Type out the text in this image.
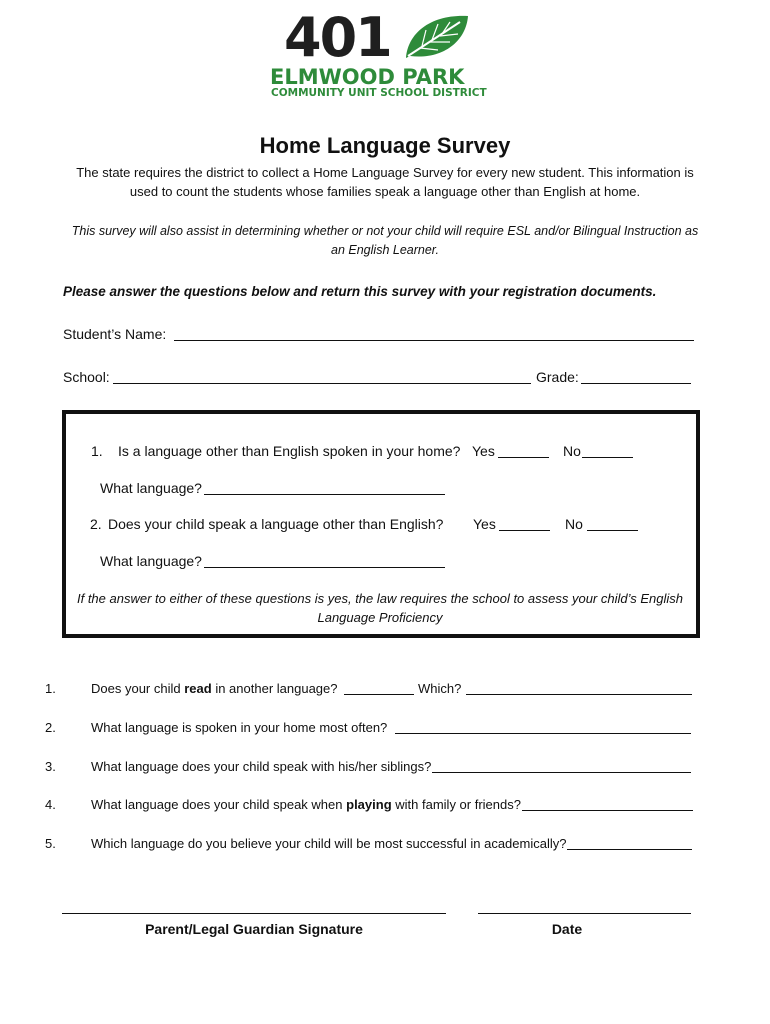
401
ELMWOOD PARK
COMMUNITY UNIT SCHOOL DISTRICT
Home Language Survey
The state requires the district to collect a Home Language Survey for every new student. This information is used to count the students whose families speak a language other than English at home.
This survey will also assist in determining whether or not your child will require ESL and/or Bilingual Instruction as an English Learner.
Please answer the questions below and return this survey with your registration documents.
Student’s Name:
School:	Grade:
1. Is a language other than English spoken in your home? Yes	No
What language?
2. Does your child speak a language other than English? Yes	No
What language?
If the answer to either of these questions is yes, the law requires the school to assess your child’s English Language Proficiency
1.	Does your child read in another language?	Which?
2.	What language is spoken in your home most often?
3.	What language does your child speak with his/her siblings?
4.	What language does your child speak when playing with family or friends?
5.	Which language do you believe your child will be most successful in academically?
Parent/Legal Guardian Signature	Date
